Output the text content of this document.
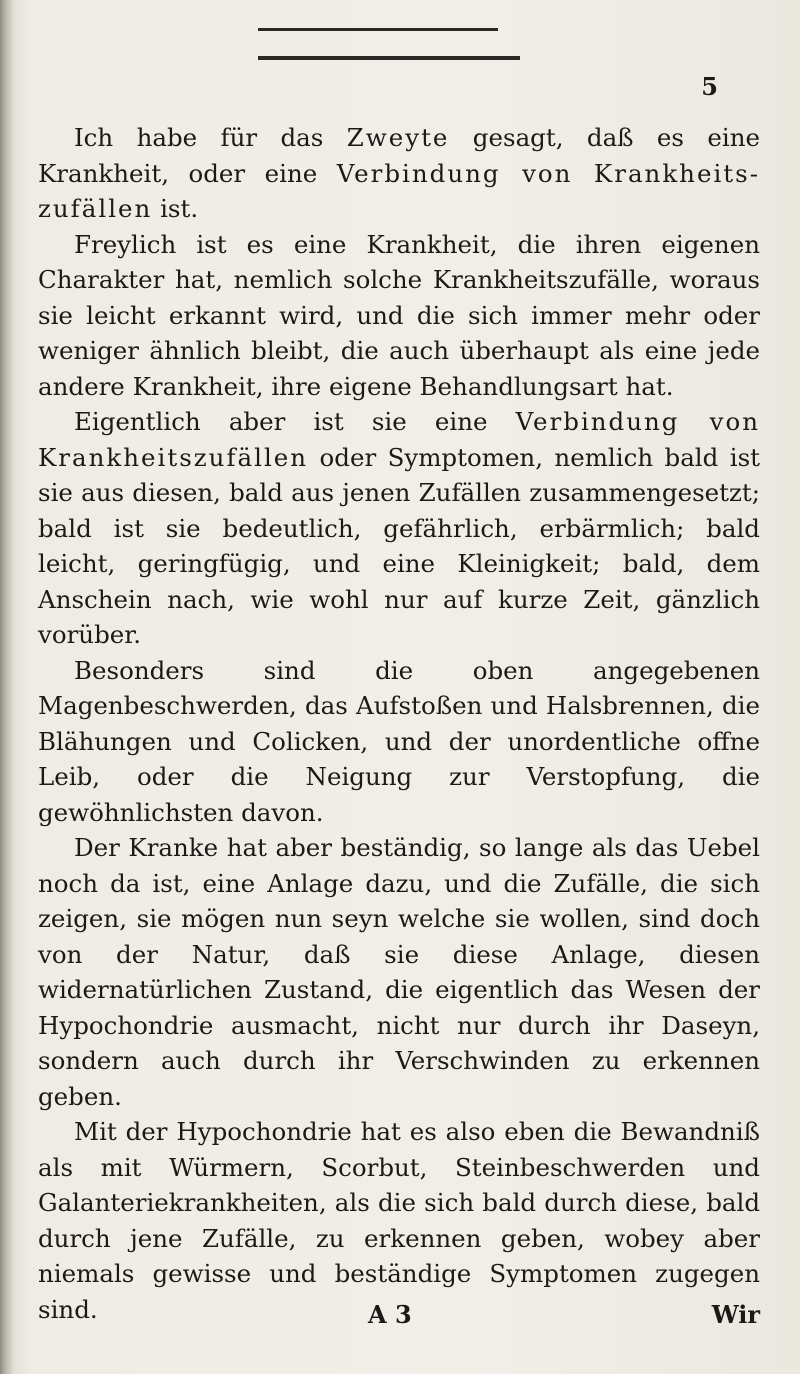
5

Ich habe für das Zweyte gesagt, daß es eine Krankheit, oder eine Verbindung von Krankheits-zufällen ist.

Freylich ist es eine Krankheit, die ihren eigenen Charakter hat, nemlich solche Krankheitszufälle, woraus sie leicht erkannt wird, und die sich immer mehr oder weniger ähnlich bleibt, die auch überhaupt als eine jede andere Krankheit, ihre eigene Behandlungsart hat.

Eigentlich aber ist sie eine Verbindung von Krankheitszufällen oder Symptomen, nemlich bald ist sie aus diesen, bald aus jenen Zufällen zusammengesetzt; bald ist sie bedeutlich, gefährlich, erbärmlich; bald leicht, geringfügig, und eine Kleinigkeit; bald, dem Anschein nach, wie wohl nur auf kurze Zeit, gänzlich vorüber.

Besonders sind die oben angegebenen Magenbeschwerden, das Aufstoßen und Halsbrennen, die Blähungen und Colicken, und der unordentliche offne Leib, oder die Neigung zur Verstopfung, die gewöhnlichsten davon.

Der Kranke hat aber beständig, so lange als das Uebel noch da ist, eine Anlage dazu, und die Zufälle, die sich zeigen, sie mögen nun seyn welche sie wollen, sind doch von der Natur, daß sie diese Anlage, diesen widernatürlichen Zustand, die eigentlich das Wesen der Hypochondrie ausmacht, nicht nur durch ihr Daseyn, sondern auch durch ihr Verschwinden zu erkennen geben.

Mit der Hypochondrie hat es also eben die Bewandniß als mit Würmern, Scorbut, Steinbeschwerden und Galanteriekrankheiten, als die sich bald durch diese, bald durch jene Zufälle, zu erkennen geben, wobey aber niemals gewisse und beständige Symptomen zugegen sind.	A 3	Wir
